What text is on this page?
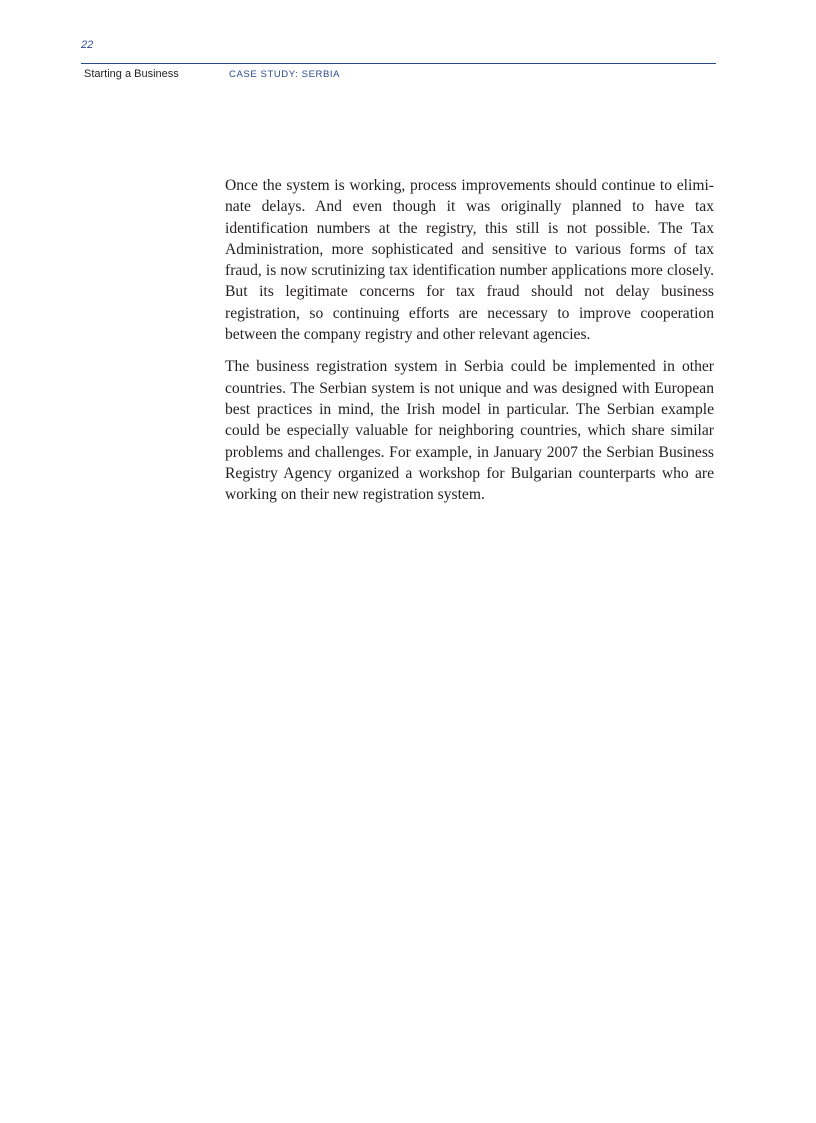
22
Starting a Business	CASE STUDY: SERBIA

Once the system is working, process improvements should continue to eliminate delays. And even though it was originally planned to have tax identification numbers at the registry, this still is not possible. The Tax Administration, more sophisticated and sensitive to various forms of tax fraud, is now scrutinizing tax identification number applications more closely. But its legitimate concerns for tax fraud should not delay business registration, so continuing efforts are necessary to improve cooperation between the company registry and other relevant agencies.

The business registration system in Serbia could be implemented in other countries. The Serbian system is not unique and was designed with European best practices in mind, the Irish model in particular. The Serbian example could be especially valuable for neighboring countries, which share similar problems and challenges. For example, in January 2007 the Serbian Business Registry Agency organized a workshop for Bulgarian counterparts who are working on their new registration system.
